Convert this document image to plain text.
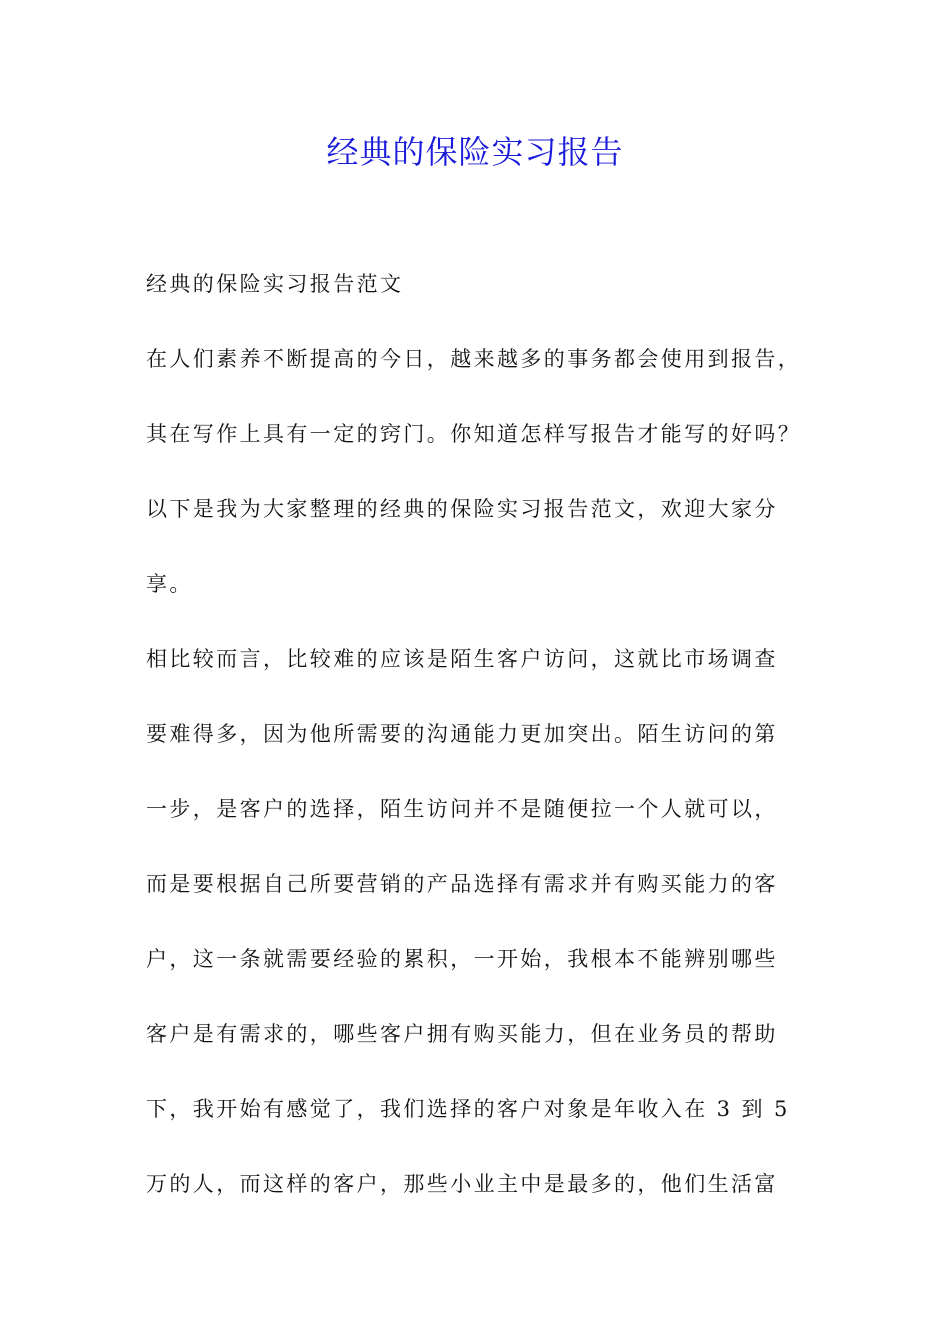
经典的保险实习报告

经典的保险实习报告范文

在人们素养不断提高的今日，越来越多的事务都会使用到报告，

其在写作上具有一定的窍门。你知道怎样写报告才能写的好吗？

以下是我为大家整理的经典的保险实习报告范文，欢迎大家分

享。

相比较而言，比较难的应该是陌生客户访问，这就比市场调查

要难得多，因为他所需要的沟通能力更加突出。陌生访问的第

一步，是客户的选择，陌生访问并不是随便拉一个人就可以，

而是要根据自己所要营销的产品选择有需求并有购买能力的客

户，这一条就需要经验的累积，一开始，我根本不能辨别哪些

客户是有需求的，哪些客户拥有购买能力，但在业务员的帮助

下，我开始有感觉了，我们选择的客户对象是年收入在 3 到 5

万的人，而这样的客户，那些小业主中是最多的，他们生活富
